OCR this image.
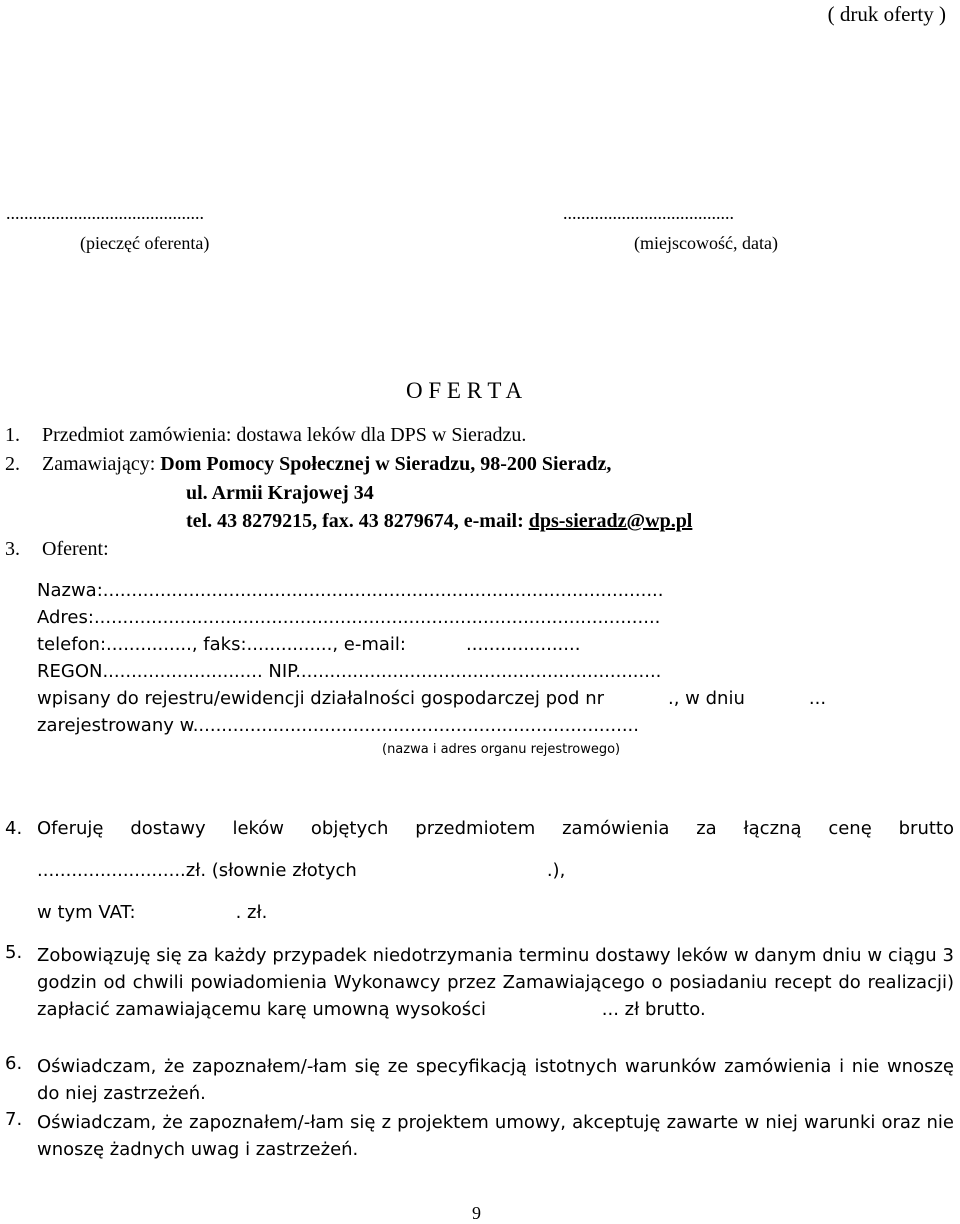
( druk oferty )
............................................
(pieczęć oferenta)
......................................
(miejscowość, data)
O F E R T A
1. Przedmiot zamówienia: dostawa leków dla DPS w Sieradzu.
2. Zamawiający: Dom Pomocy Społecznej w Sieradzu, 98-200 Sieradz,
ul. Armii Krajowej 34
tel. 43 8279215, fax. 43 8279674, e-mail: dps-sieradz@wp.pl
3. Oferent:
Nazwa:..................................................................................................
Adres:...................................................................................................
telefon:..............., faks:..............., e-mail:	....................
REGON............................ NIP................................................................
wpisany do rejestru/ewidencji działalności gospodarczej pod nr	., w dniu	...
zarejestrowany w..............................................................................
(nazwa i adres organu rejestrowego)
4. Oferuję dostawy leków objętych przedmiotem zamówienia za łączną cenę brutto
..........................zł. (słownie złotych	.),
w tym VAT:	. zł.
5. Zobowiązuję się za każdy przypadek niedotrzymania terminu dostawy leków w danym dniu w ciągu 3 godzin od chwili powiadomienia Wykonawcy przez Zamawiającego o posiadaniu recept do realizacji) zapłacić zamawiającemu karę umowną wysokości	... zł brutto.
6. Oświadczam, że zapoznałem/-łam się ze specyfikacją istotnych warunków zamówienia i nie wnoszę do niej zastrzeżeń.
7. Oświadczam, że zapoznałem/-łam się z projektem umowy, akceptuję zawarte w niej warunki oraz nie wnoszę żadnych uwag i zastrzeżeń.
9
